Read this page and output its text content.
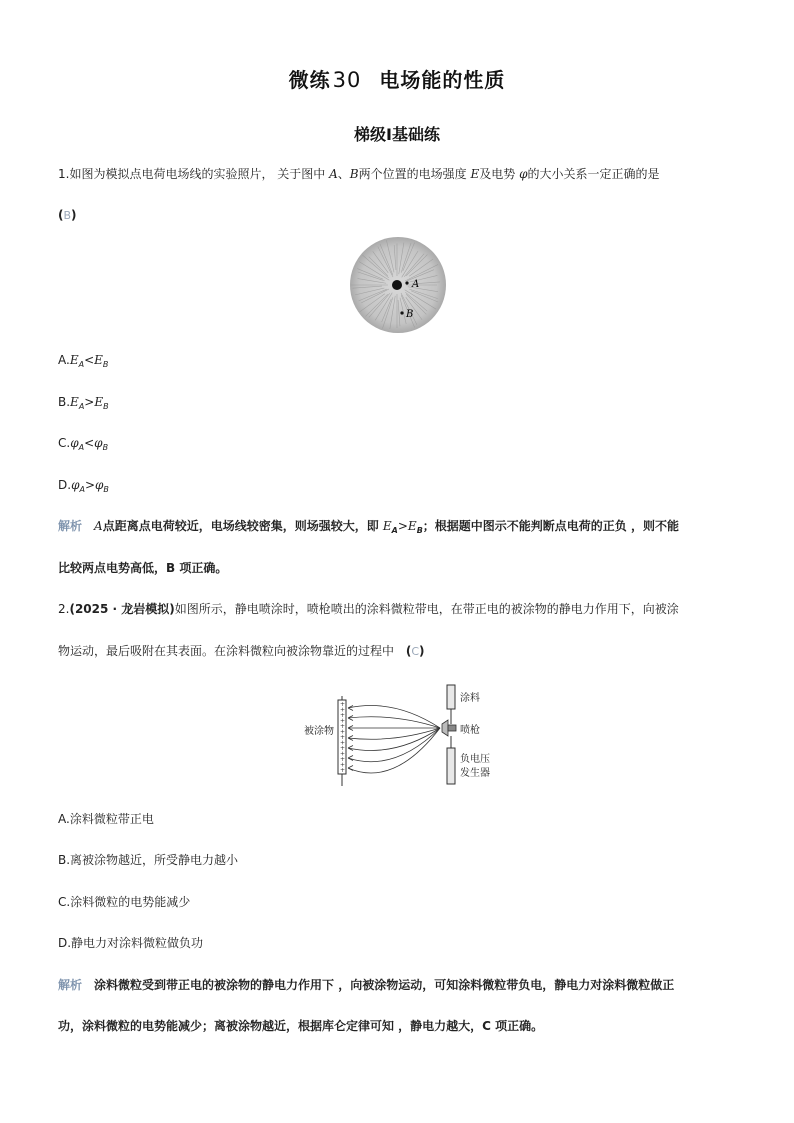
微练30 电场能的性质
梯级Ⅰ基础练
1.如图为模拟点电荷电场线的实验照片， 关于图中 A、B两个位置的电场强度 E及电势 φ的大小关系一定正确的是
(B)
A
B
$A.E_A<E_B$
$B.E_A>E_B$
$C.\varphi_A<\varphi_B$
$D.\varphi_A>\varphi_B$
解析 A点距离点电荷较近，电场线较密集，则场强较大，即 $E_A>E_B$；根据题中图示不能判断点电荷的正负 ，则不能
比较两点电势高低，B 项正确。
2.(2025 · 龙岩模拟)如图所示，静电喷涂时，喷枪喷出的涂料微粒带电，在带正电的被涂物的静电力作用下，向被涂
物运动，最后吸附在其表面。在涂料微粒向被涂物靠近的过程中 (C)
+
+
+
+
+
+
+
+
+
+
+
+
+
被涂物
涂料
喷枪
负电压
发生器
A.涂料微粒带正电
B.离被涂物越近，所受静电力越小
C.涂料微粒的电势能减少
D.静电力对涂料微粒做负功
解析 涂料微粒受到带正电的被涂物的静电力作用下 ，向被涂物运动，可知涂料微粒带负电，静电力对涂料微粒做正
功，涂料微粒的电势能减少；离被涂物越近，根据库仑定律可知 ，静电力越大，C 项正确。
